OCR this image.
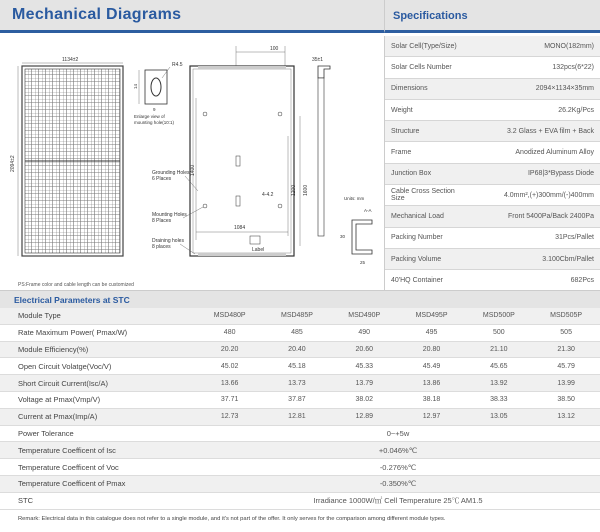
Mechanical Diagrams
1134±2
2094±2
14
9
R4.5
Enlarge view of mounting hole(10:1)
100
1400
1200 1600
1084
Label
4-4.2
Grounding Holes 6 Places
Mounting Holes 8 Places
Draining holes 8 places
35±1
Units: mm
A-A
30
25
PS:Frame color and cable length can be customized
Specifications
Solar Cell(Type/Size)	MONO(182mm)
Solar Cells Number	132pcs(6*22)
Dimensions	2094×1134×35mm
Weight	26.2Kg/Pcs
Structure	3.2 Glass + EVA film + Back
Frame	Anodized Aluminum Alloy
Junction Box	IP68|3*Bypass Diode
Cable Cross Section Size	4.0mm²,(+)300mm/(-)400mm
Mechanical Load	Front 5400Pa/Back 2400Pa
Packing Number	31Pcs/Pallet
Packing Volume	3.100Cbm/Pallet
40'HQ Container	682Pcs
Electrical Parameters at STC
Module Type	MSD480P	MSD485P	MSD490P	MSD495P	MSD500P	MSD505P
Rate Maximum Power( Pmax/W)	480	485	490	495	500	505
Module Efficiency(%)	20.20	20.40	20.60	20.80	21.10	21.30
Open Circuit Volatge(Voc/V)	45.02	45.18	45.33	45.49	45.65	45.79
Short Circuit Current(Isc/A)	13.66	13.73	13.79	13.86	13.92	13.99
Voltage at Pmax(Vmp/V)	37.71	37.87	38.02	38.18	38.33	38.50
Current at Pmax(Imp/A)	12.73	12.81	12.89	12.97	13.05	13.12
Power Tolerance	0~+5w
Temperature Coefficent of Isc	+0.046%℃
Temperature Coefficent of Voc	-0.276%℃
Temperature Coefficent of Pmax	-0.350%℃
STC	Irradiance 1000W/㎡ Cell Temperature 25℃ AM1.5
Remark: Electrical data in this catalogue does not refer to a single module, and it's not part of the offer. It only serves for the comparison among different module types.
